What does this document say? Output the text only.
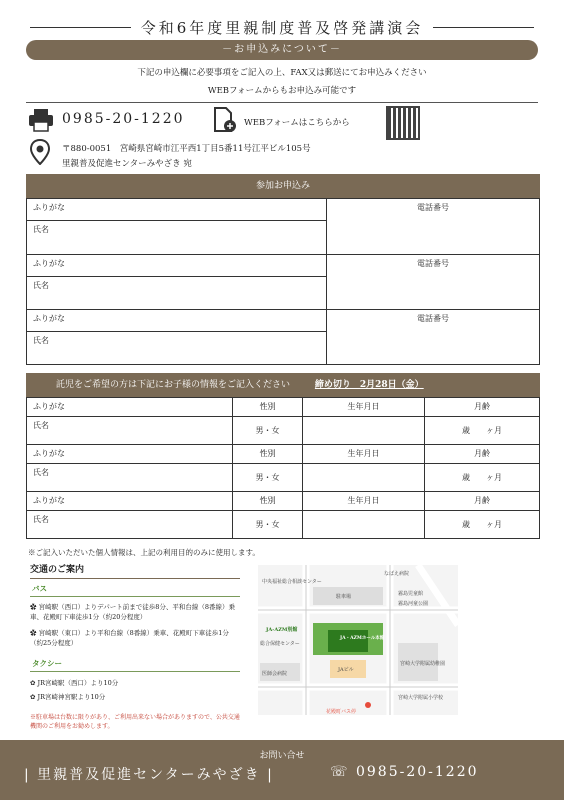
令和6年度里親制度普及啓発講演会
－お申込みについて－
下記の申込欄に必要事項をご記入の上、FAX又は郵送にてお申込みください
WEBフォームからもお申込み可能です
0985-20-1220	WEBフォームはこちらから
〒880-0051　宮崎県宮崎市江平西1丁目5番11号江平ビル105号
里親普及促進センターみやざき 宛
参加お申込み
ふりがな	電話番号
氏名	
ふりがな	電話番号
氏名	
ふりがな	電話番号
氏名	
託児をご希望の方は下記にお子様の情報をご記入ください	締め切り　2月28日（金）
ふりがな	性別	生年月日	月齢
氏名	男・女		歳　　ヶ月
ふりがな	性別	生年月日	月齢
氏名	男・女		歳　　ヶ月
ふりがな	性別	生年月日	月齢
氏名	男・女		歳　　ヶ月
※ご記入いただいた個人情報は、上記の利用目的のみに使用します。
交通のご案内
バス
✿ 宮崎駅（西口）よりデパート前まで徒歩8分、平和台線（8番線）乗車、花殿町下車徒歩1分（約20分程度）
✿ 宮崎駅（東口）より平和台線（8番線）乗車、花殿町下車徒歩1分（約25分程度）
タクシー
✿ JR宮崎駅（西口）より10分
✿ JR宮崎神宮駅より10分
※駐車場は台数に限りがあり、ご利用出来ない場合がありますので、公共交通機関のご利用をお勧めします。
中央福祉総合相談センター
なばえ病院
駐車場	霧島児童館
霧島河童公園
JA-AZM別館
JA・AZMホール本館
総合保健センター
JAビル
宮崎大学附属幼稚園
医師会病院
宮崎大学附属小学校
花殿町バス停
お問い合せ
| 里親普及促進センターみやざき |	☏ 0985-20-1220
